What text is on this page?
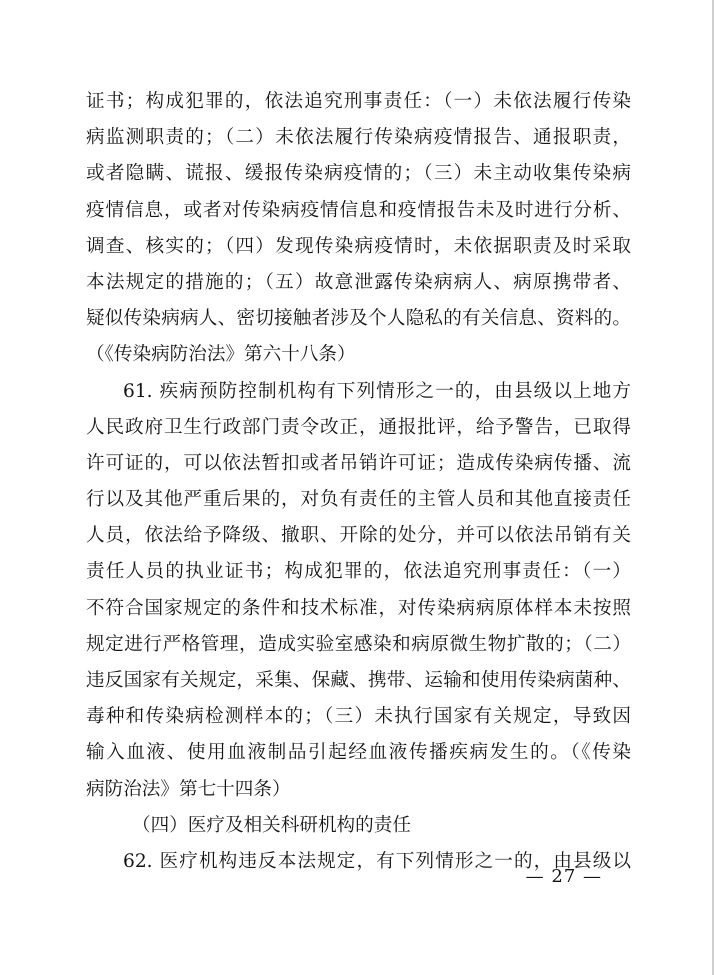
证书；构成犯罪的，依法追究刑事责任：（一）未依法履行传染
病监测职责的；（二）未依法履行传染病疫情报告、通报职责，
或者隐瞒、谎报、缓报传染病疫情的；（三）未主动收集传染病
疫情信息，或者对传染病疫情信息和疫情报告未及时进行分析、
调查、核实的；（四）发现传染病疫情时，未依据职责及时采取
本法规定的措施的；（五）故意泄露传染病病人、病原携带者、
疑似传染病病人、密切接触者涉及个人隐私的有关信息、资料的。
（《传染病防治法》第六十八条）
61. 疾病预防控制机构有下列情形之一的，由县级以上地方
人民政府卫生行政部门责令改正，通报批评，给予警告，已取得
许可证的，可以依法暂扣或者吊销许可证；造成传染病传播、流
行以及其他严重后果的，对负有责任的主管人员和其他直接责任
人员，依法给予降级、撤职、开除的处分，并可以依法吊销有关
责任人员的执业证书；构成犯罪的，依法追究刑事责任：（一）
不符合国家规定的条件和技术标准，对传染病病原体样本未按照
规定进行严格管理，造成实验室感染和病原微生物扩散的；（二）
违反国家有关规定，采集、保藏、携带、运输和使用传染病菌种、
毒种和传染病检测样本的；（三）未执行国家有关规定，导致因
输入血液、使用血液制品引起经血液传播疾病发生的。（《传染
病防治法》第七十四条）
（四）医疗及相关科研机构的责任
62. 医疗机构违反本法规定，有下列情形之一的，由县级以
— 27 —
